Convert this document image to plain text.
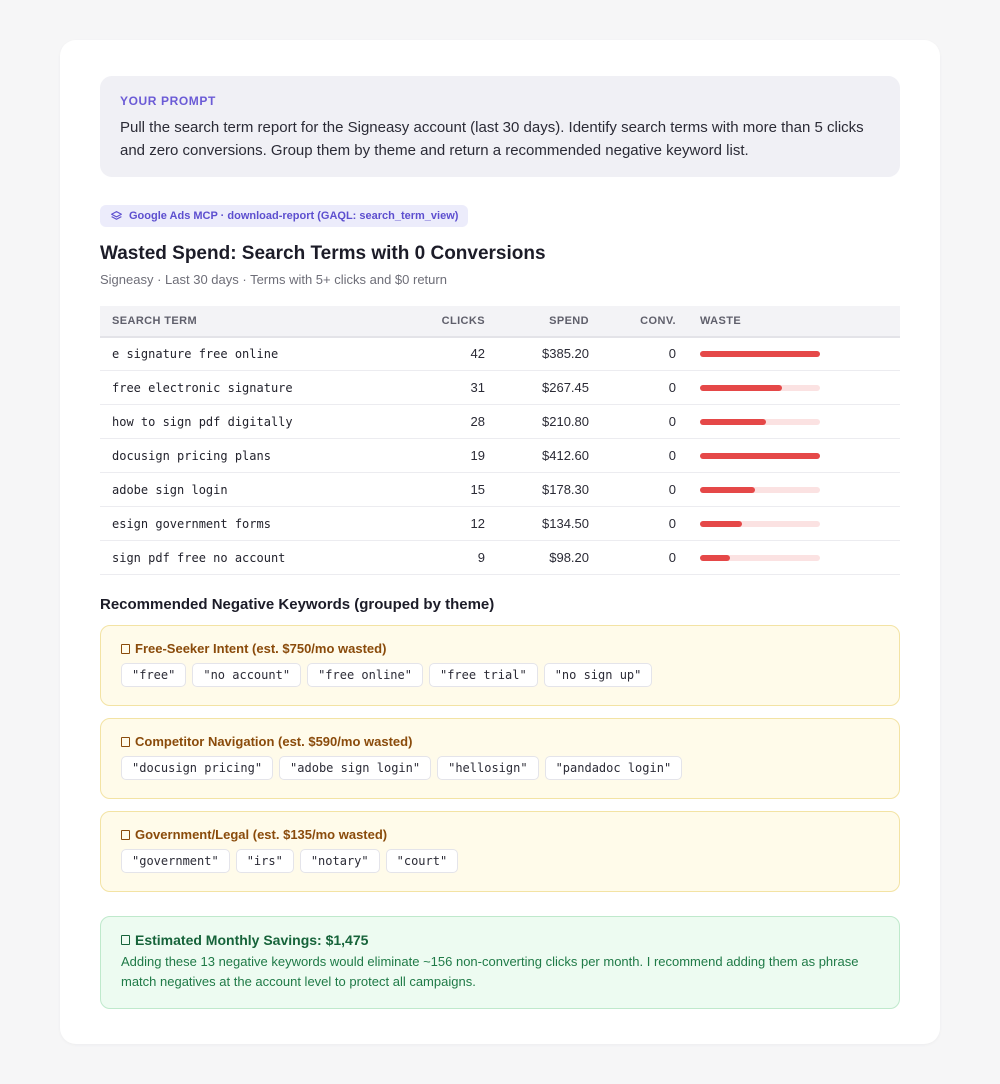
YOUR PROMPT
Pull the search term report for the Signeasy account (last 30 days). Identify search terms with more than 5 clicks and zero conversions. Group them by theme and return a recommended negative keyword list.
Google Ads MCP · download-report (GAQL: search_term_view)
Wasted Spend: Search Terms with 0 Conversions
Signeasy · Last 30 days · Terms with 5+ clicks and $0 return
SEARCH TERM	CLICKS	SPEND	CONV.	WASTE
e signature free online	42	$385.20	0	

free electronic signature	31	$267.45	0	

how to sign pdf digitally	28	$210.80	0	

docusign pricing plans	19	$412.60	0	

adobe sign login	15	$178.30	0	

esign government forms	12	$134.50	0	

sign pdf free no account	9	$98.20	0	
Recommended Negative Keywords (grouped by theme)
Free-Seeker Intent (est. $750/mo wasted)
"free"	"no account"	"free online"	"free trial"	"no sign up"
Competitor Navigation (est. $590/mo wasted)
"docusign pricing"	"adobe sign login"	"hellosign"	"pandadoc login"
Government/Legal (est. $135/mo wasted)
"government"	"irs"	"notary"	"court"
Estimated Monthly Savings: $1,475
Adding these 13 negative keywords would eliminate ~156 non-converting clicks per month. I recommend adding them as phrase match negatives at the account level to protect all campaigns.
